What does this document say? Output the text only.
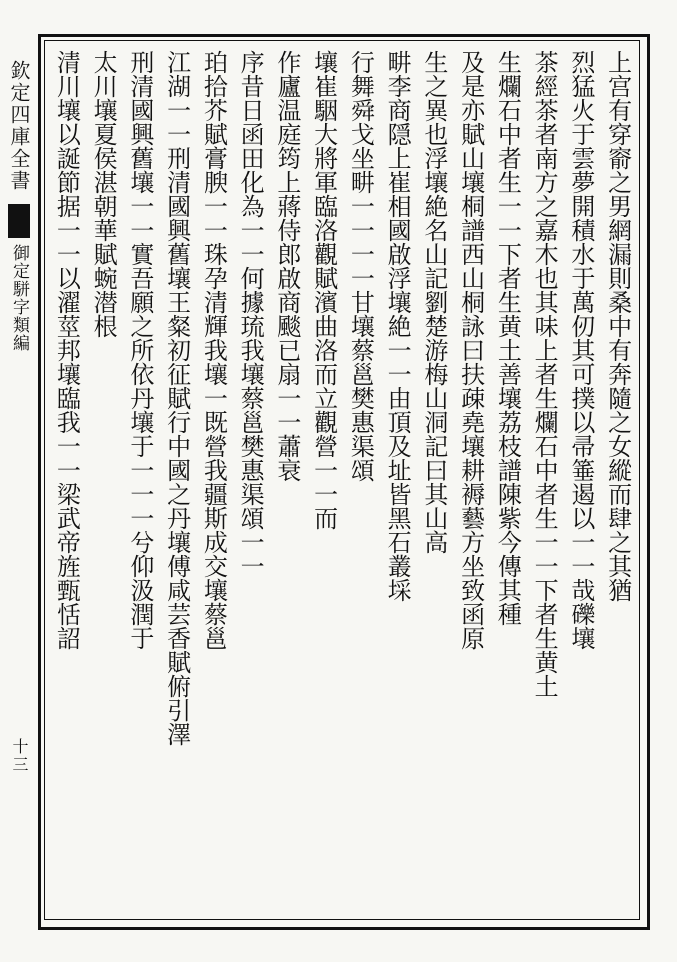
欽定四庫全書
御定駢字類編
十三
上宫有穿窬之男網漏則桑中有奔隨之女縱而肆之其猶
烈猛火于雲夢開積水于萬仞其可撲以帚箠遏以一一哉礫壤
茶經茶者南方之嘉木也其味上者生爛石中者生一一下者生黄土
生爛石中者生一一下者生黄土善壤荔枝譜陳紫今傳其種
及是亦賦山壤桐譜西山桐詠曰扶疎堯壤耕褥藝方坐致函原
生之異也浮壤絶名山記劉楚游梅山洞記曰其山高
畊李商隠上崔相國啟浮壤絶一一由頂及址皆黑石叢埰
行舞舜戈坐畊一一一一甘壤蔡邕樊惠渠頌
壤崔駰大將軍臨洛觀賦濱曲洛而立觀營一一而
作廬温庭筠上蔣侍郎啟商颷已扇一一蕭衰
序昔日函田化為一一何據琉我壤蔡邕樊惠渠頌一一
珀拾芥賦膏腴一一珠孕清輝我壤一既營我疆斯成交壤蔡邕
江湖一一刑清國興舊壤王粲初征賦行中國之丹壤傅咸芸香賦俯引澤
刑清國興舊壤一一實吾願之所依丹壤于一一一兮仰汲潤于
太川壤夏侯湛朝華賦蜿潜根
清川壤以誕節据一一以濯莖邦壤臨我一一梁武帝旌甄恬詔
